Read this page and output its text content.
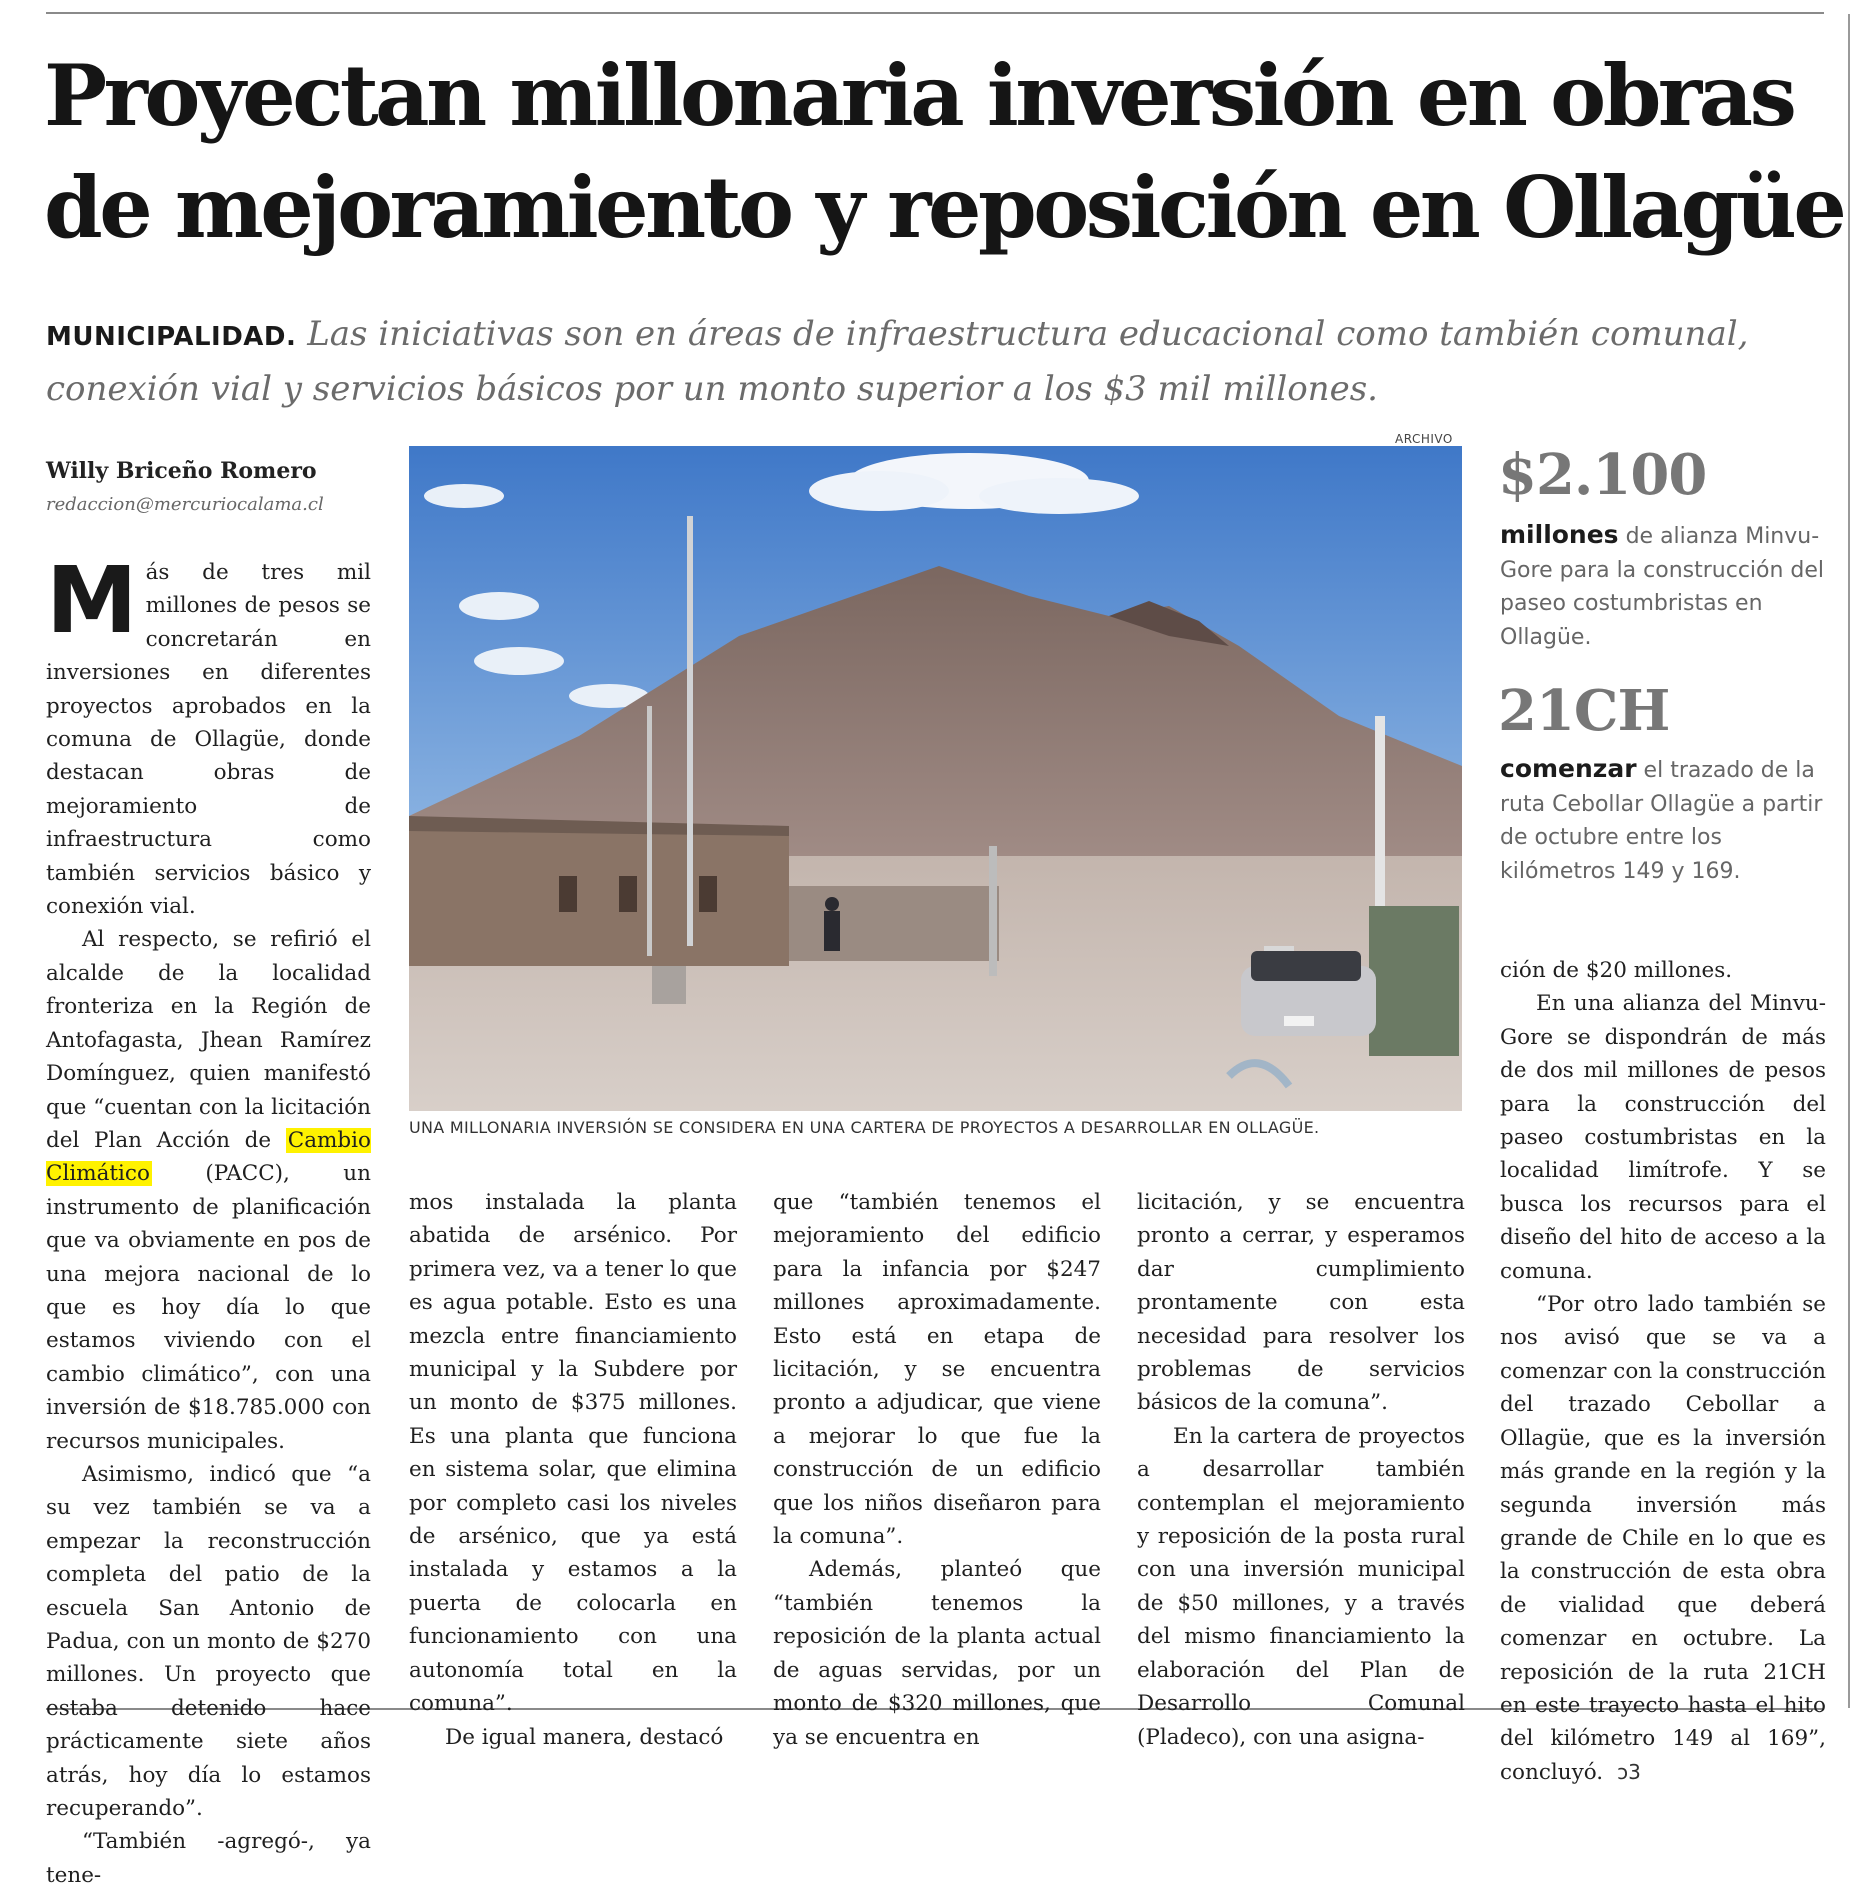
Proyectan millonaria inversión en obras de mejoramiento y reposición en Ollagüe

MUNICIPALIDAD. Las iniciativas son en áreas de infraestructura educacional como también comunal, conexión vial y servicios básicos por un monto superior a los $3 mil millones.

Willy Briceño Romero
redaccion@mercuriocalama.cl
ARCHIVO
UNA MILLONARIA INVERSIÓN SE CONSIDERA EN UNA CARTERA DE PROYECTOS A DESARROLLAR EN OLLAGÜE.

Más de tres mil millones de pesos se concretarán en inversiones en diferentes proyectos aprobados en la comuna de Ollagüe, donde destacan obras de mejoramiento de infraestructura como también servicios básico y conexión vial.

Al respecto, se refirió el alcalde de la localidad fronteriza en la Región de Antofagasta, Jhean Ramírez Domínguez, quien manifestó que “cuentan con la licitación del Plan Acción de Cambio Climático (PACC), un instrumento de planificación que va obviamente en pos de una mejora nacional de lo que es hoy día lo que estamos viviendo con el cambio climático”, con una inversión de $18.785.000 con recursos municipales.

Asimismo, indicó que “a su vez también se va a empezar la reconstrucción completa del patio de la escuela San Antonio de Padua, con un monto de $270 millones. Un proyecto que estaba detenido hace prácticamente siete años atrás, hoy día lo estamos recuperando”.

“También -agregó-, ya tene-

mos instalada la planta abatida de arsénico. Por primera vez, va a tener lo que es agua potable. Esto es una mezcla entre financiamiento municipal y la Subdere por un monto de $375 millones. Es una planta que funciona en sistema solar, que elimina por completo casi los niveles de arsénico, que ya está instalada y estamos a la puerta de colocarla en funcionamiento con una autonomía total en la comuna”.

De igual manera, destacó

que “también tenemos el mejoramiento del edificio para la infancia por $247 millones aproximadamente. Esto está en etapa de licitación, y se encuentra pronto a adjudicar, que viene a mejorar lo que fue la construcción de un edificio que los niños diseñaron para la comuna”.

Además, planteó que “también tenemos la reposición de la planta actual de aguas servidas, por un monto de $320 millones, que ya se encuentra en

licitación, y se encuentra pronto a cerrar, y esperamos dar cumplimiento prontamente con esta necesidad para resolver los problemas de servicios básicos de la comuna”.

En la cartera de proyectos a desarrollar también contemplan el mejoramiento y reposición de la posta rural con una inversión municipal de $50 millones, y a través del mismo financiamiento la elaboración del Plan de Desarrollo Comunal (Pladeco), con una asigna-

$2.100

millones de alianza Minvu-Gore para la construcción del paseo costumbristas en Ollagüe.

21CH

comenzar el trazado de la ruta Cebollar Ollagüe a partir de octubre entre los kilómetros 149 y 169.

ción de $20 millones.

En una alianza del Minvu-Gore se dispondrán de más de dos mil millones de pesos para la construcción del paseo costumbristas en la localidad limítrofe. Y se busca los recursos para el diseño del hito de acceso a la comuna.

“Por otro lado también se nos avisó que se va a comenzar con la construcción del trazado Cebollar a Ollagüe, que es la inversión más grande en la región y la segunda inversión más grande de Chile en lo que es la construcción de esta obra de vialidad que deberá comenzar en octubre. La reposición de la ruta 21CH en este trayecto hasta el hito del kilómetro 149 al 169”, concluyó. ↄ3
